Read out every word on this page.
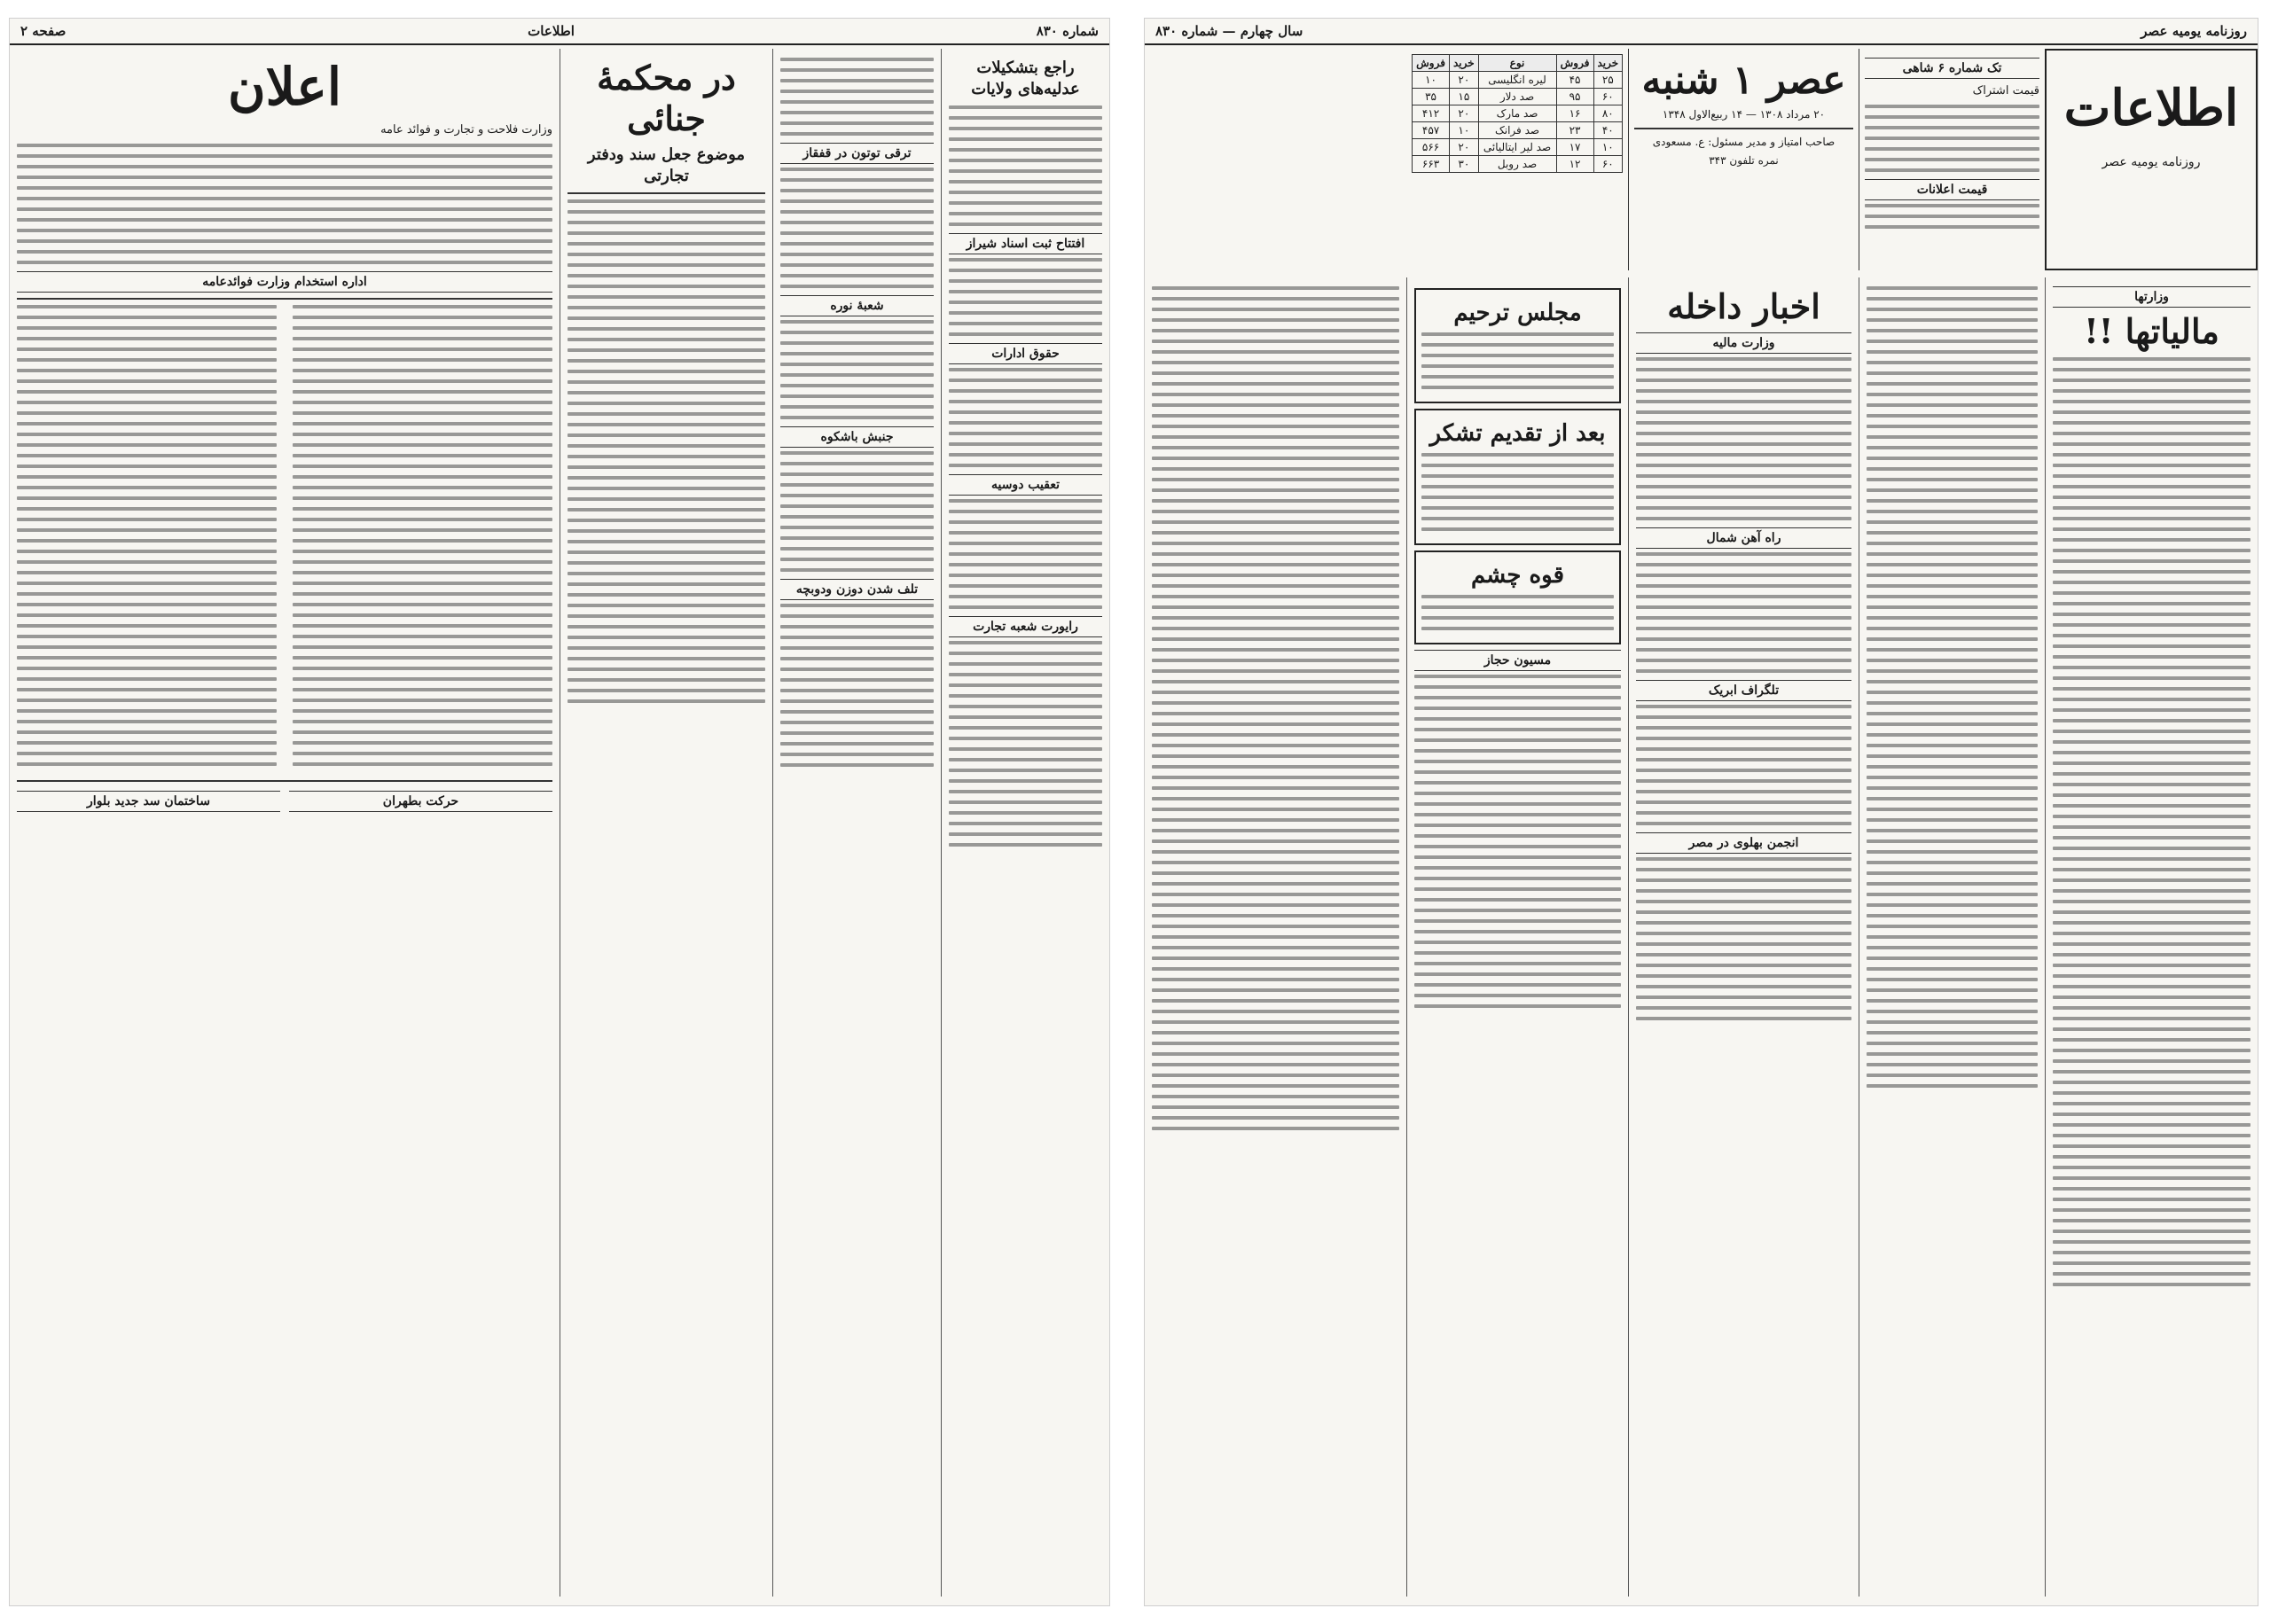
شماره ۸۳۰
اطلاعات
صفحه ۲
راجع بتشکیلات عدلیه‌های ولایات
افتتاح ثبت اسناد شیراز
حقوق ادارات
تعقیب دوسیه
رایورت شعبه تجارت
ترقی توتون در قفقاز
شعبهٔ نوره
جنبش باشکوه
تلف شدن دوزن ودوبچه
در محکمهٔ جنائی
موضوع جعل سند ودفتر تجارتی
اعلان
وزارت فلاحت و تجارت و فوائد عامه
اداره استخدام وزارت فوائدعامه
حرکت بطهران
ساختمان سد جدید بلوار
روزنامه یومیه عصر
سال چهارم — شماره ۸۳۰
اطلاعات
روزنامه یومیه عصر
تک شماره ۶ شاهی
قیمت اشتراک
قیمت اعلانات
عصر ۱ شنبه
۲۰ مرداد ۱۳۰۸ — ۱۴ ربیع‌الاول ۱۳۴۸
صاحب امتیاز و مدیر مسئول: ع. مسعودی
نمره تلفون ۳۴۳
خرید	فروش	نوع	خرید	فروش
۲۵	۴۵	لیره انگلیسی	۲۰	۱۰
۶۰	۹۵	صد دلار	۱۵	۳۵
۸۰	۱۶	صد مارک	۲۰	۴۱۲
۴۰	۲۳	صد فرانک	۱۰	۴۵۷
۱۰	۱۷	صد لیر ایتالیائی	۲۰	۵۶۶
۶۰	۱۲	صد روبل	۳۰	۶۶۳
وزارتها
مالیاتها !!
اخبار داخله
وزارت ماليه
راه آهن شمال
تلگراف ابریک
انجمن بهلوی در مصر
مجلس ترحیم
بعد از تقدیم تشکر
قوه چشم
مسیون حجاز
